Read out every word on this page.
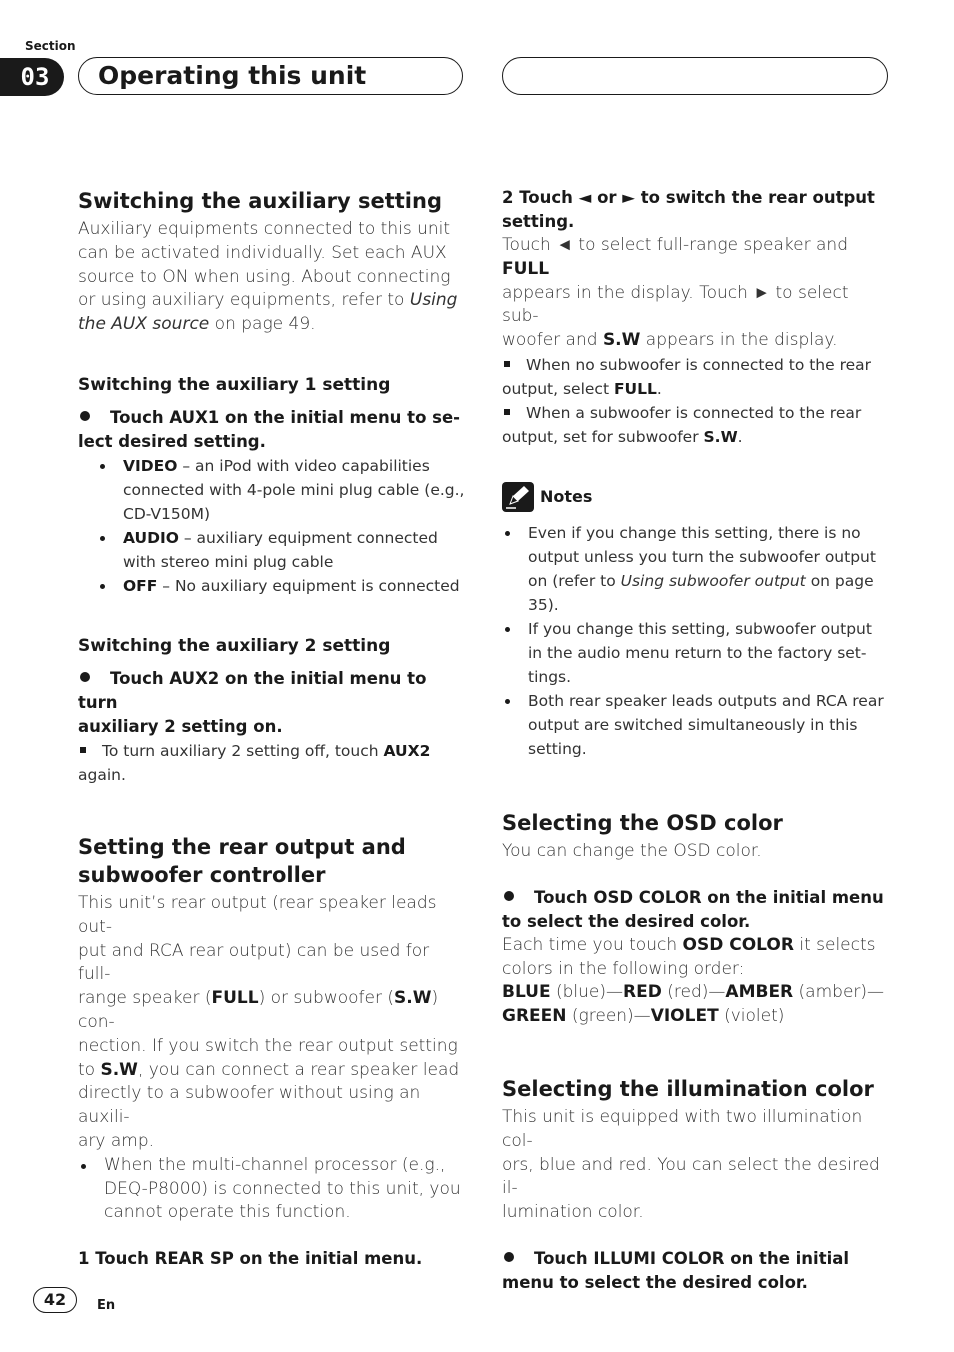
Section
03	Operating this unit
Switching the auxiliary setting
Auxiliary equipments connected to this unit
can be activated individually. Set each AUX
source to ON when using. About connecting
or using auxiliary equipments, refer to Using
the AUX source on page 49.
Switching the auxiliary 1 setting
Touch AUX1 on the initial menu to se-
lect desired setting.
VIDEO – an iPod with video capabilities
connected with 4-pole mini plug cable (e.g.,
CD-V150M)
AUDIO – auxiliary equipment connected
with stereo mini plug cable
OFF – No auxiliary equipment is connected
Switching the auxiliary 2 setting
Touch AUX2 on the initial menu to turn
auxiliary 2 setting on.
To turn auxiliary 2 setting off, touch AUX2
again.
Setting the rear output and
subwoofer controller
This unit’s rear output (rear speaker leads out-
put and RCA rear output) can be used for full-
range speaker (FULL) or subwoofer (S.W) con-
nection. If you switch the rear output setting
to S.W, you can connect a rear speaker lead
directly to a subwoofer without using an auxili-
ary amp.
When the multi-channel processor (e.g.,
DEQ-P8000) is connected to this unit, you
cannot operate this function.
1 Touch REAR SP on the initial menu.
2 Touch ◄ or ► to switch the rear output
setting.
Touch ◄ to select full-range speaker and FULL
appears in the display. Touch ► to select sub-
woofer and S.W appears in the display.
When no subwoofer is connected to the rear
output, select FULL.
When a subwoofer is connected to the rear
output, set for subwoofer S.W.
Notes
Even if you change this setting, there is no
output unless you turn the subwoofer output
on (refer to Using subwoofer output on page
35).
If you change this setting, subwoofer output
in the audio menu return to the factory set-
tings.
Both rear speaker leads outputs and RCA rear
output are switched simultaneously in this
setting.
Selecting the OSD color
You can change the OSD color.
Touch OSD COLOR on the initial menu
to select the desired color.
Each time you touch OSD COLOR it selects
colors in the following order:
BLUE (blue)—RED (red)—AMBER (amber)—
GREEN (green)—VIOLET (violet)
Selecting the illumination color
This unit is equipped with two illumination col-
ors, blue and red. You can select the desired il-
lumination color.
Touch ILLUMI COLOR on the initial
menu to select the desired color.
42	En
